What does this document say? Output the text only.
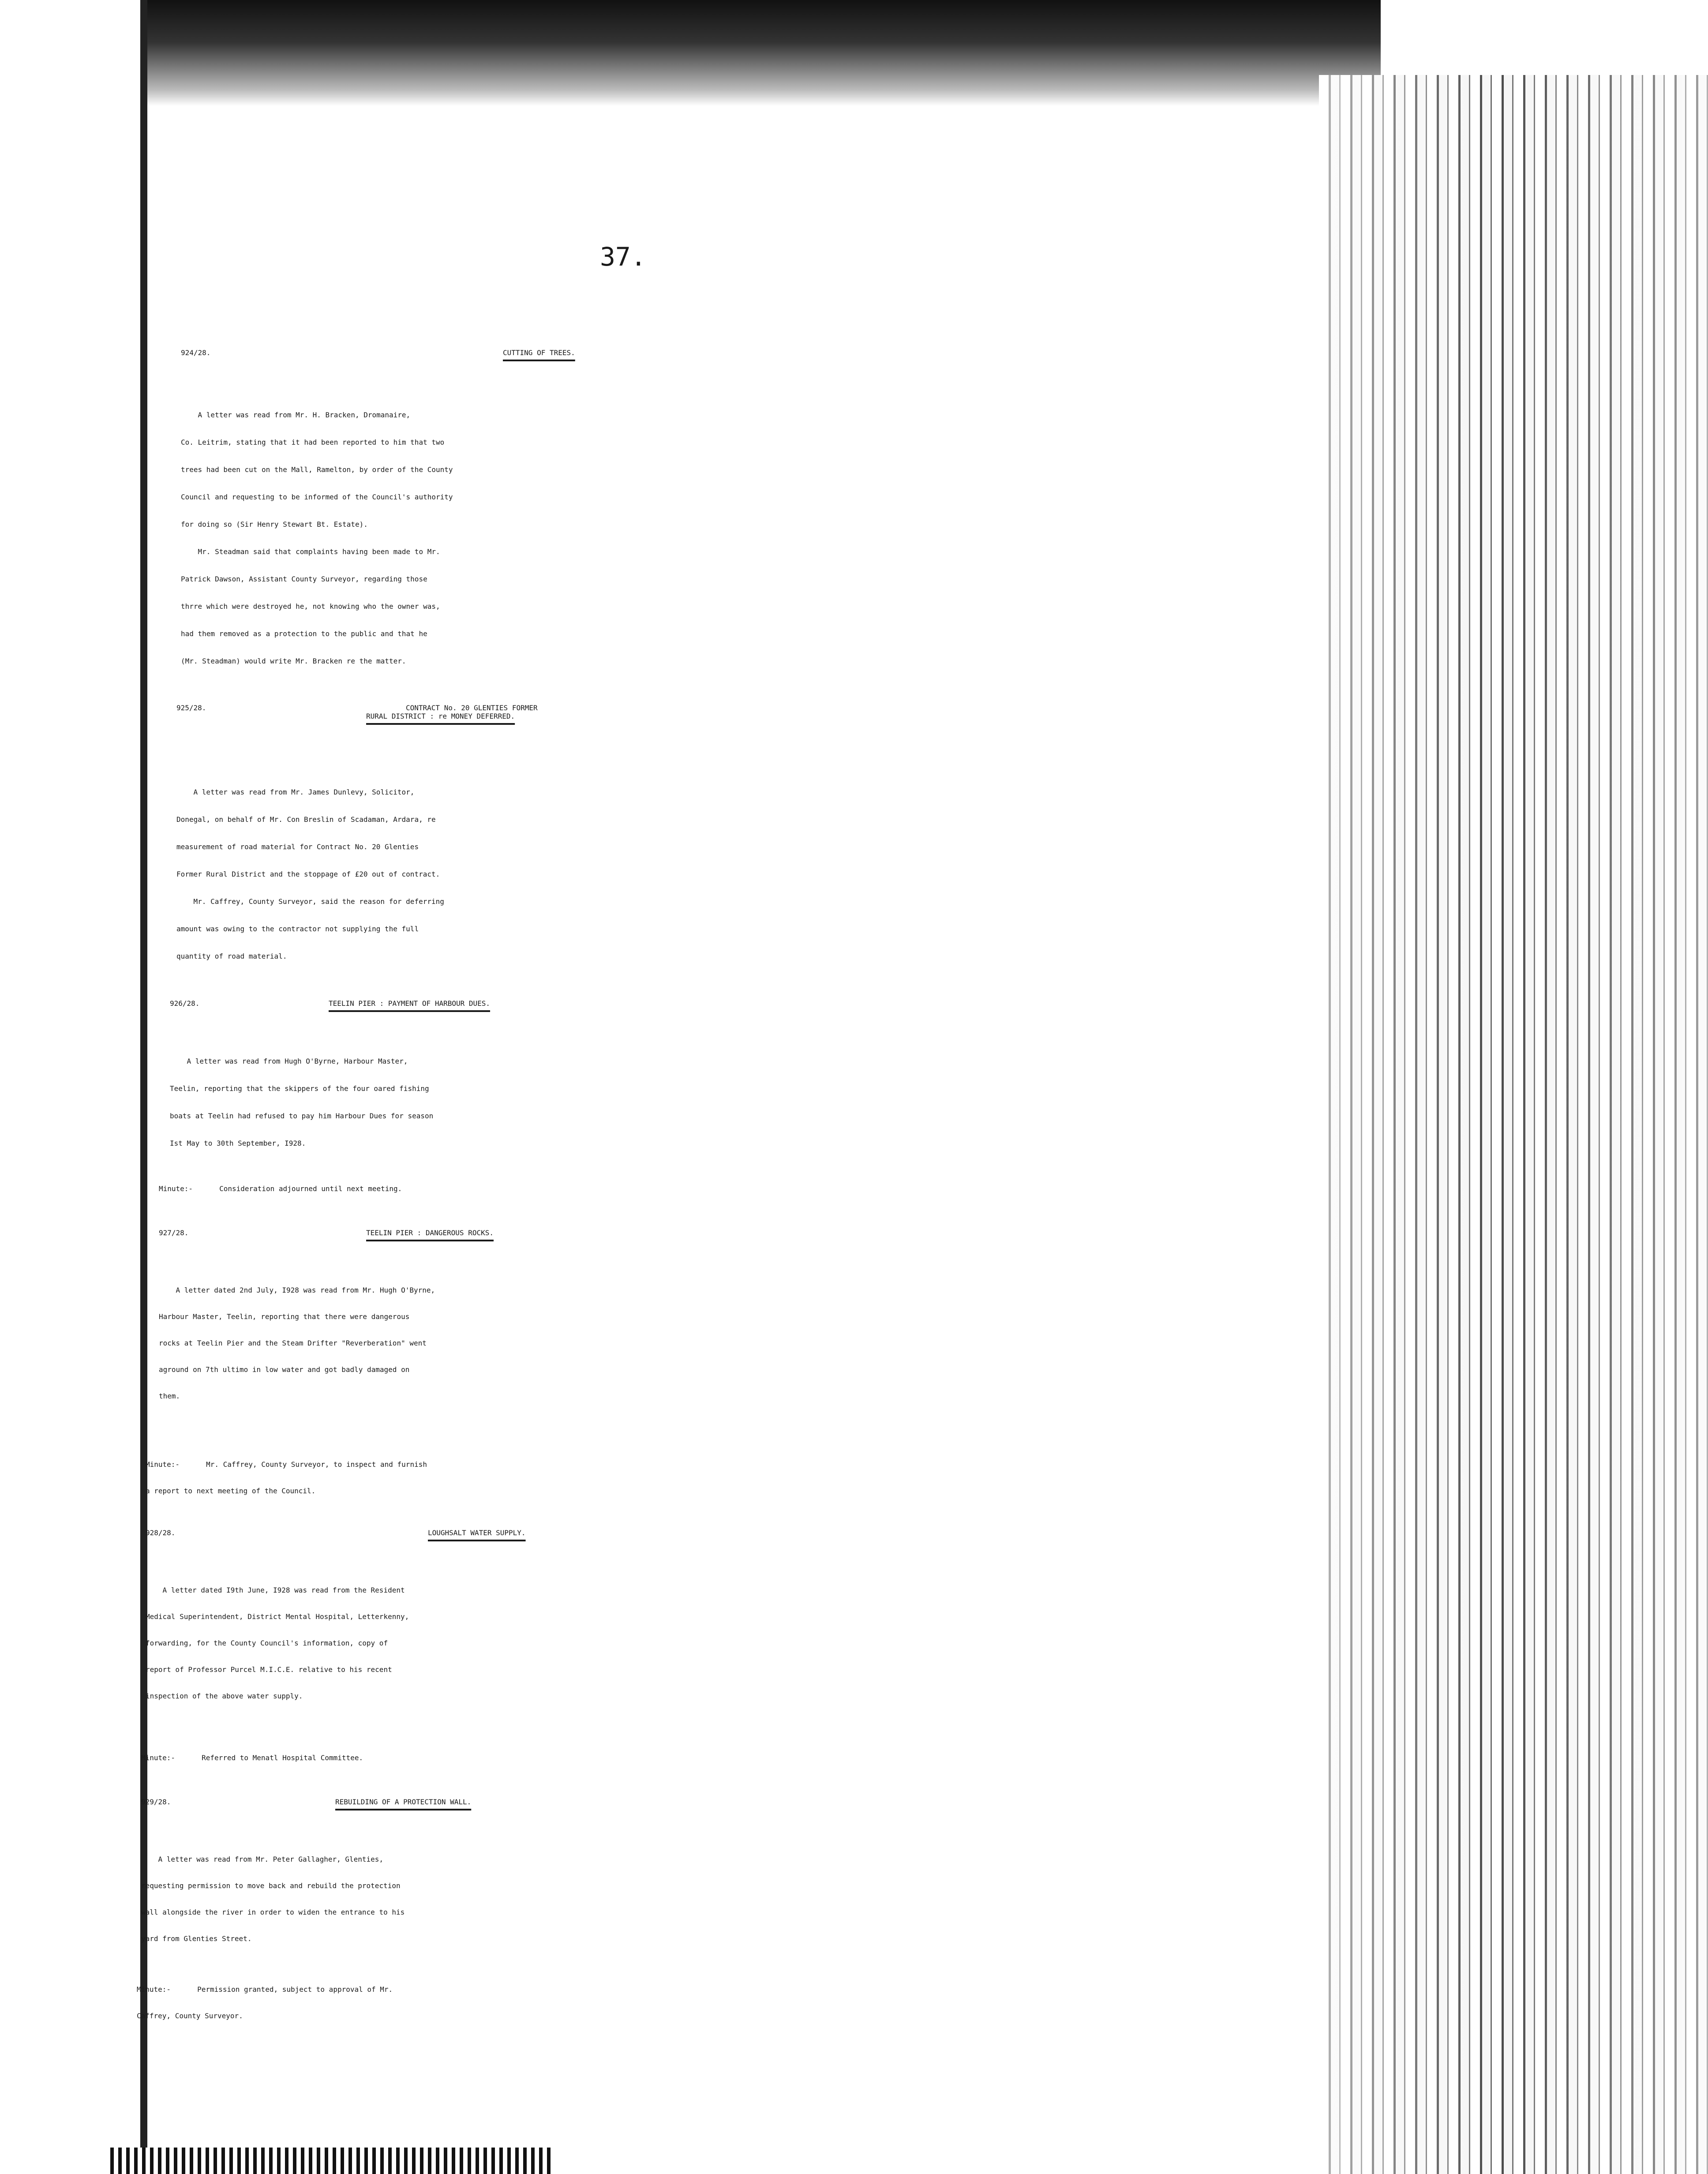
37.
924/28.	CUTTING OF TREES.

A letter was read from Mr. H. Bracken, Dromanaire,
Co. Leitrim, stating that it had been reported to him that two
trees had been cut on the Mall, Ramelton, by order of the County
Council and requesting to be informed of the Council's authority
for doing so (Sir Henry Stewart Bt. Estate).

Mr. Steadman said that complaints having been made to Mr.
Patrick Dawson, Assistant County Surveyor, regarding those
thrre which were destroyed he, not knowing who the owner was,
had them removed as a protection to the public and that he
(Mr. Steadman) would write Mr. Bracken re the matter.

925/28.	CONTRACT No. 20 GLENTIES FORMER
RURAL DISTRICT : re MONEY DEFERRED.

A letter was read from Mr. James Dunlevy, Solicitor,
Donegal, on behalf of Mr. Con Breslin of Scadaman, Ardara, re
measurement of road material for Contract No. 20 Glenties
Former Rural District and the stoppage of £20 out of contract.

Mr. Caffrey, County Surveyor, said the reason for deferring
amount was owing to the contractor not supplying the full
quantity of road material.

926/28.	TEELIN PIER : PAYMENT OF HARBOUR DUES.

A letter was read from Hugh O'Byrne, Harbour Master,
Teelin, reporting that the skippers of the four oared fishing
boats at Teelin had refused to pay him Harbour Dues for season
Ist May to 30th September, I928.

Minute:-	Consideration adjourned until next meeting.
927/28.	TEELIN PIER : DANGEROUS ROCKS.

A letter dated 2nd July, I928 was read from Mr. Hugh O'Byrne,
Harbour Master, Teelin, reporting that there were dangerous
rocks at Teelin Pier and the Steam Drifter "Reverberation" went
aground on 7th ultimo in low water and got badly damaged on
them.

Minute:-	Mr. Caffrey, County Surveyor, to inspect and furnish
a report to next meeting of the Council.
928/28.	LOUGHSALT WATER SUPPLY.

A letter dated I9th June, I928 was read from the Resident
Medical Superintendent, District Mental Hospital, Letterkenny,
forwarding, for the County Council's information, copy of
report of Professor Purcel M.I.C.E. relative to his recent
inspection of the above water supply.

Minute:-	Referred to Menatl Hospital Committee.
929/28.	REBUILDING OF A PROTECTION WALL.

A letter was read from Mr. Peter Gallagher, Glenties,
requesting permission to move back and rebuild the protection
wall alongside the river in order to widen the entrance to his
yard from Glenties Street.

Minute:-	Permission granted, subject to approval of Mr.
Caffrey, County Surveyor.
